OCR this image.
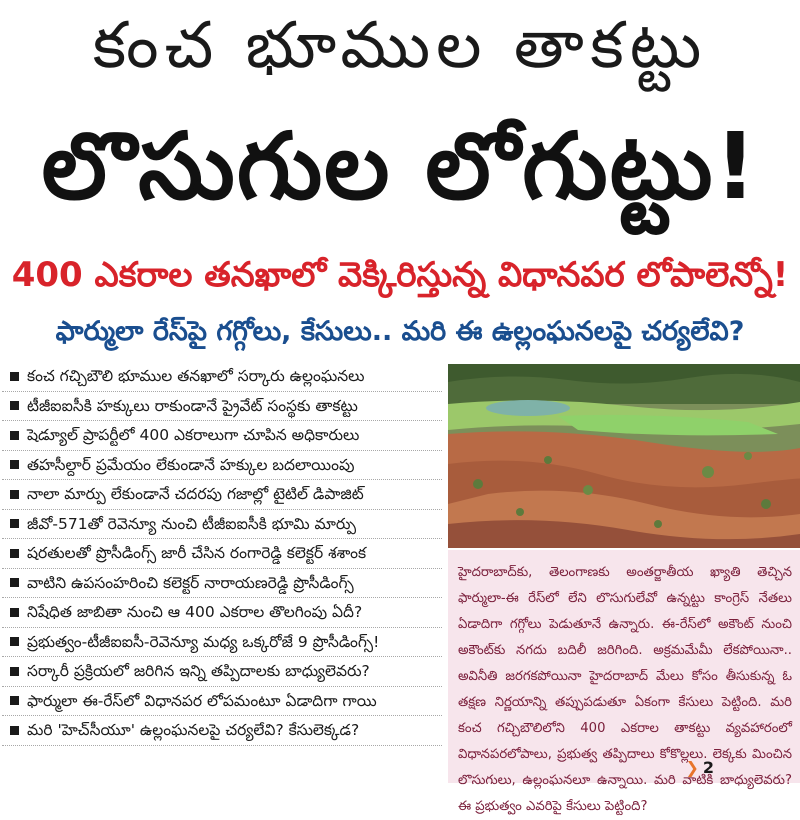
కంచ భూముల తాకట్టు
లొసుగుల లోగుట్టు!
400 ఎకరాల తనఖాలో వెక్కిరిస్తున్న విధానపర లోపాలెన్నో!
ఫార్ములా రేస్‌పై గగ్గోలు, కేసులు.. మరి ఈ ఉల్లంఘనలపై చర్యలేవి?
కంచ గచ్చిబౌలి భూముల తనఖాలో సర్కారు ఉల్లంఘనలు
టీజీఐఐసీకి హక్కులు రాకుండానే ప్రైవేట్ సంస్థకు తాకట్టు
షెడ్యూల్ ప్రాపర్టీలో 400 ఎకరాలుగా చూపిన అధికారులు
తహసీల్దార్ ప్రమేయం లేకుండానే హక్కుల బదలాయింపు
నాలా మార్పు లేకుండానే చదరపు గజాల్లో టైటిల్ డిపాజిట్
జీవో-571తో రెవెన్యూ నుంచి టీజీఐఐసీకి భూమి మార్పు
షరతులతో ప్రొసీడింగ్స్ జారీ చేసిన రంగారెడ్డి కలెక్టర్ శశాంక
వాటిని ఉపసంహరించి కలెక్టర్ నారాయణరెడ్డి ప్రొసీడింగ్స్
నిషేధిత జాబితా నుంచి ఆ 400 ఎకరాల తొలగింపు ఏదీ?
ప్రభుత్వం-టీజీఐఐసీ-రెవెన్యూ మధ్య ఒక్కరోజే 9 ప్రొసీడింగ్స్!
సర్కారీ ప్రక్రియలో జరిగిన ఇన్ని తప్పిదాలకు బాధ్యులెవరు?
ఫార్ములా ఈ-రేస్‌లో విధానపర లోపమంటూ ఏడాదిగా గాయి
మరి 'హెచ్‌సీయూ' ఉల్లంఘనలపై చర్యలేవి? కేసులెక్కడ?
హైదరాబాద్‌కు, తెలంగాణకు అంతర్జాతీయ ఖ్యాతి తెచ్చిన ఫార్ములా-ఈ రేస్‌లో లేని లొసుగులేవో ఉన్నట్టు కాంగ్రెస్ నేతలు ఏడాదిగా గగ్గోలు పెడుతూనే ఉన్నారు. ఈ-రేస్‌లో అకౌంట్ నుంచి అకౌంట్‌కు నగదు బదిలీ జరిగింది. అక్రమమేమీ లేకపోయినా.. అవినీతి జరగకపోయినా హైదరాబాద్ మేలు కోసం తీసుకున్న ఓ తక్షణ నిర్ణయాన్ని తప్పుపడుతూ ఏకంగా కేసులు పెట్టింది. మరి కంచ గచ్చిబౌలిలోని 400 ఎకరాల తాకట్టు వ్యవహారంలో విధానపరలోపాలు, ప్రభుత్వ తప్పిదాలు కోకొల్లలు. లెక్కకు మించిన లొసుగులు, ఉల్లంఘనలూ ఉన్నాయి. మరి వాటికి బాధ్యులెవరు? ఈ ప్రభుత్వం ఎవరిపై కేసులు పెట్టింది?
❯ 2
